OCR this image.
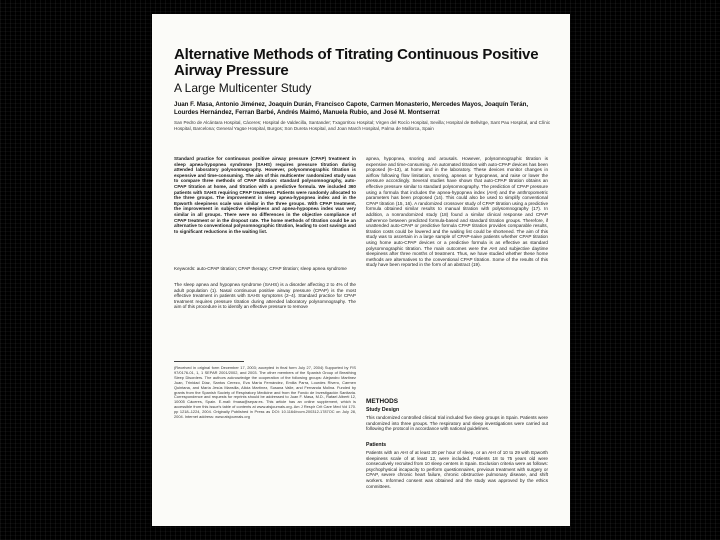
Alternative Methods of Titrating Continuous Positive Airway Pressure
A Large Multicenter Study
Juan F. Masa, Antonio Jiménez, Joaquín Durán, Francisco Capote, Carmen Monasterio, Mercedes Mayos, Joaquín Terán, Lourdes Hernández, Ferran Barbé, Andrés Maimó, Manuela Rubio, and José M. Montserrat
San Pedro de Alcántara Hospital, Cáceres; Hospital de Valdecilla, Santander; Txagorritxu Hospital; Virgen del Rocío Hospital, Sevilla; Hospital de Bellvitge, Sant Pau Hospital, and Clínic Hospital, Barcelona; General Yagüe Hospital, Burgos; Son Dureta Hospital, and Joan March Hospital, Palma de Mallorca, Spain

Standard practice for continuous positive airway pressure (CPAP) treatment in sleep apnea-hypopnea syndrome (SAHS) requires pressure titration during attended laboratory polysomnography. However, polysomnographic titration is expensive and time-consuming. The aim of this multicenter randomized study was to compare three methods of CPAP titration: standard polysomnography, auto-CPAP titration at home, and titration with a predictive formula. We included 360 patients with SAHS requiring CPAP treatment. Patients were randomly allocated to the three groups. The improvement in sleep apnea-hypopnea index and in the Epworth sleepiness scale was similar in the three groups. With CPAP treatment, the improvement in subjective sleepiness and apnea-hypopnea index was very similar in all groups. There were no differences in the objective compliance of CPAP treatment or in the dropout rate. The home methods of titration could be an alternative to conventional polysomnographic titration, leading to cost savings and to significant reductions in the waiting list.

Keywords: auto-CPAP titration; CPAP therapy; CPAP titration; sleep apnea syndrome

The sleep apnea and hypopnea syndrome (SAHS) is a disorder affecting 2 to 4% of the adult population (1). Nasal continuous positive airway pressure (CPAP) is the most effective treatment in patients with SAHS symptoms (2–4). Standard practice for CPAP treatment requires pressure titration during attended laboratory polysomnography. The aim of this procedure is to identify an effective pressure to remove

(Received in original form December 17, 2003; accepted in final form July 27, 2004) Supported by FIS 97/0176-01, 1, 1 SEPAR 2001/2002, and 2003. The other members of the Spanish Group of Breathing Sleep Disorders. The authors acknowledge the cooperation of the following groups: Alejandro Martinez Juan, Trinidad Díaz, Santos Cerezo, Eva María Fernández, Emilia Parra, Lourdes Rivero, Carmen Quintana, and María Jesús Mansilla, Alicia Martínez, Susana Valle, and Fernanda Molina. Funded by grants from the Spanish Society of Respiratory Medicine and from the Fondo de Investigación Sanitaria. Correspondence and requests for reprints should be addressed to Juan F. Masa, M.D., Rafael Alberti 12, 10005 Cáceres, Spain. E-mail: fmasa@separ.es. This article has an online supplement, which is accessible from this issue's table of contents at www.atsjournals.org. Am J Respir Crit Care Med Vol 170. pp 1218–1224, 2004. Originally Published in Press as DOI: 10.1164/rccm.200312-1787OC on July 28, 2004. Internet address: www.atsjournals.org

apnea, hypopnea, snoring and arousals. However, polysomnographic titration is expensive and time-consuming. An automated titration with auto-CPAP devices has been proposed (6–13), at home and in the laboratory. These devices monitor changes in airflow following flow limitation, snoring, apneas or hypopneas, and raise or lower the pressure accordingly. Several studies have shown that auto-CPAP titration obtains an effective pressure similar to standard polysomnography. The prediction of CPAP pressure using a formula that includes the apnea-hypopnea index (AHI) and the anthropometric parameters has been proposed (14). This could also be used to simplify conventional CPAP titration (15, 16). A randomized crossover study of CPAP titration using a predictive formula obtained similar results to manual titration with polysomnography (17). In addition, a nonrandomized study (18) found a similar clinical response and CPAP adherence between predicted formula-based and standard titration groups. Therefore, if unattended auto-CPAP or predictive formula CPAP titration provides comparable results, titration costs could be lowered and the waiting list could be shortened. The aim of this study was to ascertain in a large sample of CPAP-naive patients whether CPAP titration using home auto-CPAP devices or a predictive formula is as effective as standard polysomnographic titration. The main outcomes were the AHI and subjective daytime sleepiness after three months of treatment. Thus, we have studied whether these home methods are alternatives to the conventional CPAP titration. Some of the results of this study have been reported in the form of an abstract (19).

METHODS
Study Design
This randomized controlled clinical trial included five sleep groups in Spain. Patients were randomized into three groups. The respiratory and sleep investigations were carried out following the protocol in accordance with national guidelines.
Patients
Patients with an AHI of at least 30 per hour of sleep, or an AHI of 10 to 29 with Epworth sleepiness scale of at least 12, were included. Patients 18 to 75 years old were consecutively recruited from 10 sleep centers in Spain. Exclusion criteria were as follows: psychophysical incapacity to perform questionnaires, previous treatment with surgery or CPAP, severe chronic heart failure, chronic obstructive pulmonary disease, and shift workers. Informed consent was obtained and the study was approved by the ethics committees.
